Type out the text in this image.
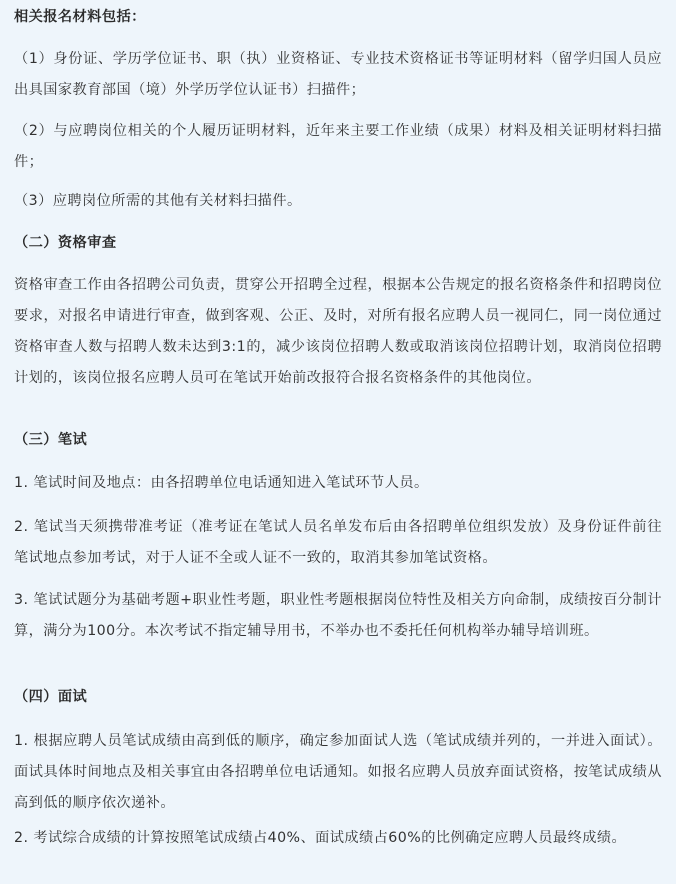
相关报名材料包括：

（1）身份证、学历学位证书、职（执）业资格证、专业技术资格证书等证明材料（留学归国人员应出具国家教育部国（境）外学历学位认证书）扫描件；

（2）与应聘岗位相关的个人履历证明材料，近年来主要工作业绩（成果）材料及相关证明材料扫描件；

（3）应聘岗位所需的其他有关材料扫描件。

（二）资格审查

资格审查工作由各招聘公司负责，贯穿公开招聘全过程，根据本公告规定的报名资格条件和招聘岗位要求，对报名申请进行审查，做到客观、公正、及时，对所有报名应聘人员一视同仁，同一岗位通过资格审查人数与招聘人数未达到3:1的，减少该岗位招聘人数或取消该岗位招聘计划，取消岗位招聘计划的，该岗位报名应聘人员可在笔试开始前改报符合报名资格条件的其他岗位。

（三）笔试

1. 笔试时间及地点：由各招聘单位电话通知进入笔试环节人员。

2. 笔试当天须携带准考证（准考证在笔试人员名单发布后由各招聘单位组织发放）及身份证件前往笔试地点参加考试，对于人证不全或人证不一致的，取消其参加笔试资格。

3. 笔试试题分为基础考题+职业性考题，职业性考题根据岗位特性及相关方向命制，成绩按百分制计算，满分为100分。本次考试不指定辅导用书，不举办也不委托任何机构举办辅导培训班。

（四）面试

1. 根据应聘人员笔试成绩由高到低的顺序，确定参加面试人选（笔试成绩并列的，一并进入面试）。面试具体时间地点及相关事宜由各招聘单位电话通知。如报名应聘人员放弃面试资格，按笔试成绩从高到低的顺序依次递补。

2. 考试综合成绩的计算按照笔试成绩占40%、面试成绩占60%的比例确定应聘人员最终成绩。
